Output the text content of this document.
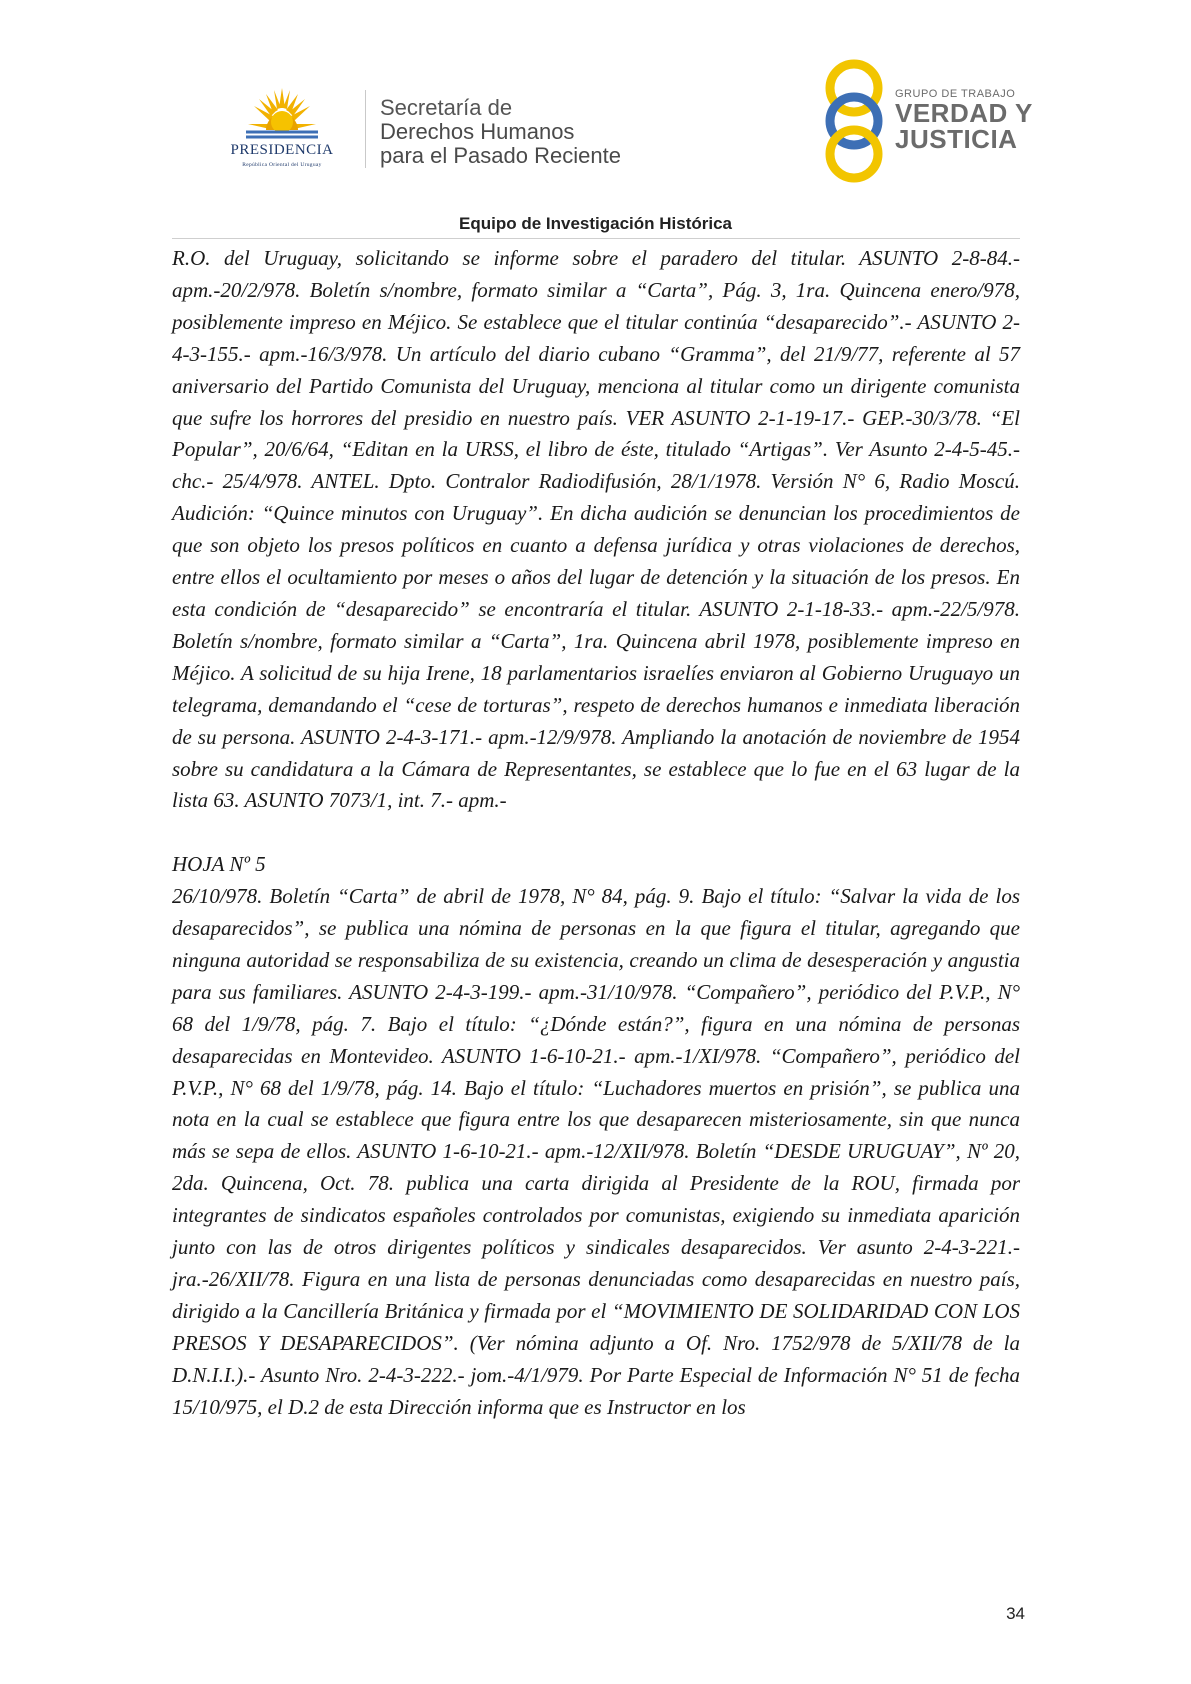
PRESIDENCIA
República Oriental del Uruguay
Secretaría de
Derechos Humanos
para el Pasado Reciente
GRUPO DE TRABAJO
VERDAD Y
JUSTICIA
Equipo de Investigación Histórica

R.O. del Uruguay, solicitando se informe sobre el paradero del titular. ASUNTO 2-8-84.- apm.-20/2/978. Boletín s/nombre, formato similar a “Carta”, Pág. 3, 1ra. Quincena enero/978, posiblemente impreso en Méjico. Se establece que el titular continúa “desaparecido”.- ASUNTO 2-4-3-155.- apm.-16/3/978. Un artículo del diario cubano “Gramma”, del 21/9/77, referente al 57 aniversario del Partido Comunista del Uruguay, menciona al titular como un dirigente comunista que sufre los horrores del presidio en nuestro país. VER ASUNTO 2-1-19-17.- GEP.-30/3/78. “El Popular”, 20/6/64, “Editan en la URSS, el libro de éste, titulado “Artigas”. Ver Asunto 2-4-5-45.- chc.- 25/4/978. ANTEL. Dpto. Contralor Radiodifusión, 28/1/1978. Versión N° 6, Radio Moscú. Audición: “Quince minutos con Uruguay”. En dicha audición se denuncian los procedimientos de que son objeto los presos políticos en cuanto a defensa jurídica y otras violaciones de derechos, entre ellos el ocultamiento por meses o años del lugar de detención y la situación de los presos. En esta condición de “desaparecido” se encontraría el titular. ASUNTO 2-1-18-33.- apm.-22/5/978. Boletín s/nombre, formato similar a “Carta”, 1ra. Quincena abril 1978, posiblemente impreso en Méjico. A solicitud de su hija Irene, 18 parlamentarios israelíes enviaron al Gobierno Uruguayo un telegrama, demandando el “cese de torturas”, respeto de derechos humanos e inmediata liberación de su persona. ASUNTO 2-4-3-171.- apm.-12/9/978. Ampliando la anotación de noviembre de 1954 sobre su candidatura a la Cámara de Representantes, se establece que lo fue en el 63 lugar de la lista 63. ASUNTO 7073/1, int. 7.- apm.-

HOJA Nº 5

26/10/978. Boletín “Carta” de abril de 1978, N° 84, pág. 9. Bajo el título: “Salvar la vida de los desaparecidos”, se publica una nómina de personas en la que figura el titular, agregando que ninguna autoridad se responsabiliza de su existencia, creando un clima de desesperación y angustia para sus familiares. ASUNTO 2-4-3-199.- apm.-31/10/978. “Compañero”, periódico del P.V.P., N° 68 del 1/9/78, pág. 7. Bajo el título: “¿Dónde están?”, figura en una nómina de personas desaparecidas en Montevideo. ASUNTO 1-6-10-21.- apm.-1/XI/978. “Compañero”, periódico del P.V.P., N° 68 del 1/9/78, pág. 14. Bajo el título: “Luchadores muertos en prisión”, se publica una nota en la cual se establece que figura entre los que desaparecen misteriosamente, sin que nunca más se sepa de ellos. ASUNTO 1-6-10-21.- apm.-12/XII/978. Boletín “DESDE URUGUAY”, Nº 20, 2da. Quincena, Oct. 78. publica una carta dirigida al Presidente de la ROU, firmada por integrantes de sindicatos españoles controlados por comunistas, exigiendo su inmediata aparición junto con las de otros dirigentes políticos y sindicales desaparecidos. Ver asunto 2-4-3-221.- jra.-26/XII/78. Figura en una lista de personas denunciadas como desaparecidas en nuestro país, dirigido a la Cancillería Británica y firmada por el “MOVIMIENTO DE SOLIDARIDAD CON LOS PRESOS Y DESAPARECIDOS”. (Ver nómina adjunto a Of. Nro. 1752/978 de 5/XII/78 de la D.N.I.I.).- Asunto Nro. 2-4-3-222.- jom.-4/1/979. Por Parte Especial de Información N° 51 de fecha 15/10/975, el D.2 de esta Dirección informa que es Instructor en los

34
